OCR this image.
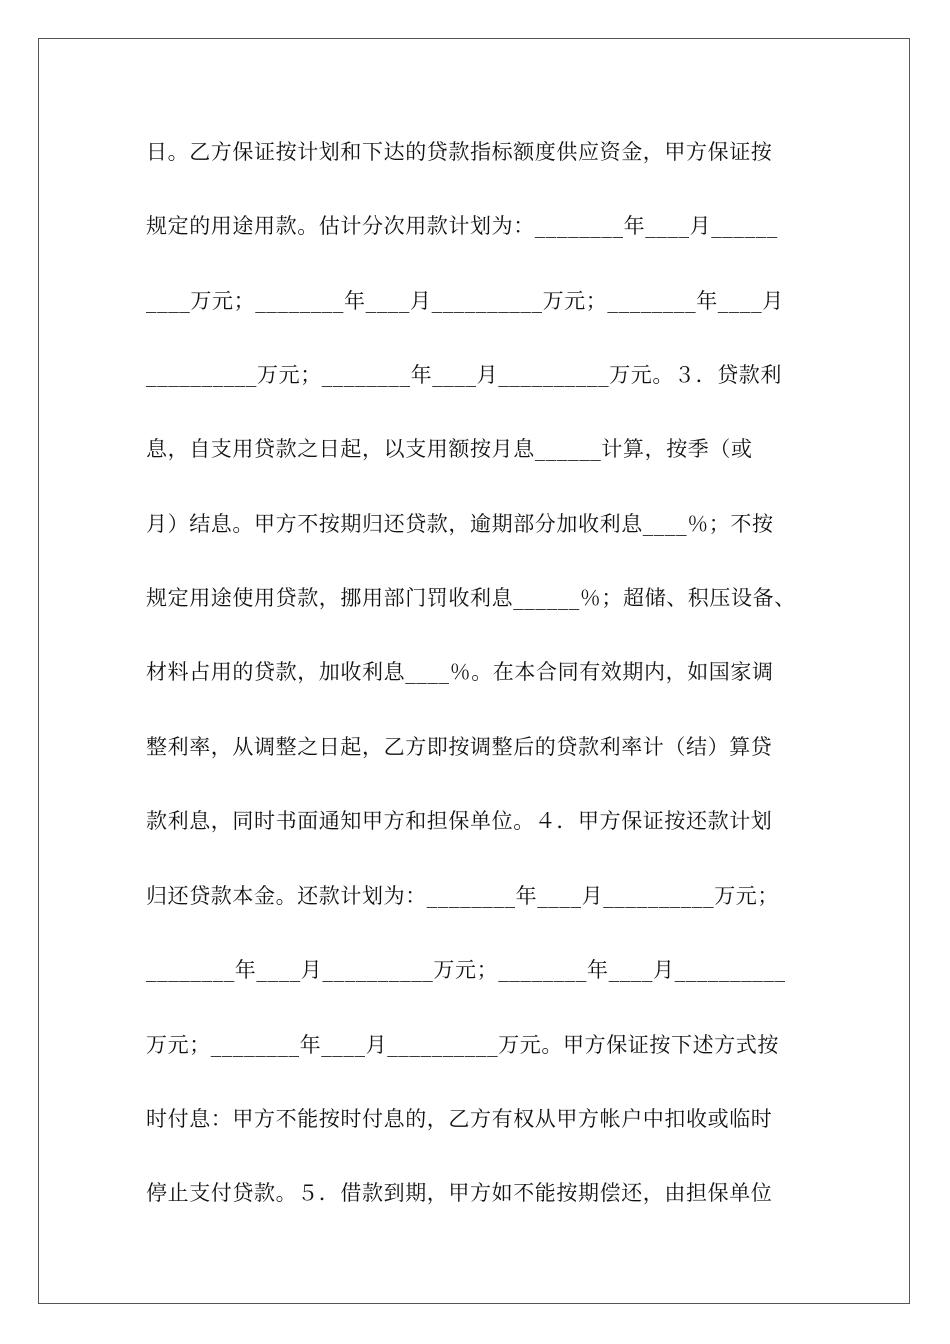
日。乙方保证按计划和下达的贷款指标额度供应资金，甲方保证按

规定的用途用款。估计分次用款计划为：________年____月______

____万元；________年____月__________万元；________年____月

__________万元；________年____月__________万元。３．贷款利

息，自支用贷款之日起，以支用额按月息______计算，按季（或

月）结息。甲方不按期归还贷款，逾期部分加收利息____％；不按

规定用途使用贷款，挪用部门罚收利息______％；超储、积压设备、

材料占用的贷款，加收利息____％。在本合同有效期内，如国家调

整利率，从调整之日起，乙方即按调整后的贷款利率计（结）算贷

款利息，同时书面通知甲方和担保单位。４．甲方保证按还款计划

归还贷款本金。还款计划为：________年____月__________万元；

________年____月__________万元；________年____月__________

万元；________年____月__________万元。甲方保证按下述方式按

时付息：甲方不能按时付息的，乙方有权从甲方帐户中扣收或临时

停止支付贷款。５．借款到期，甲方如不能按期偿还，由担保单位
